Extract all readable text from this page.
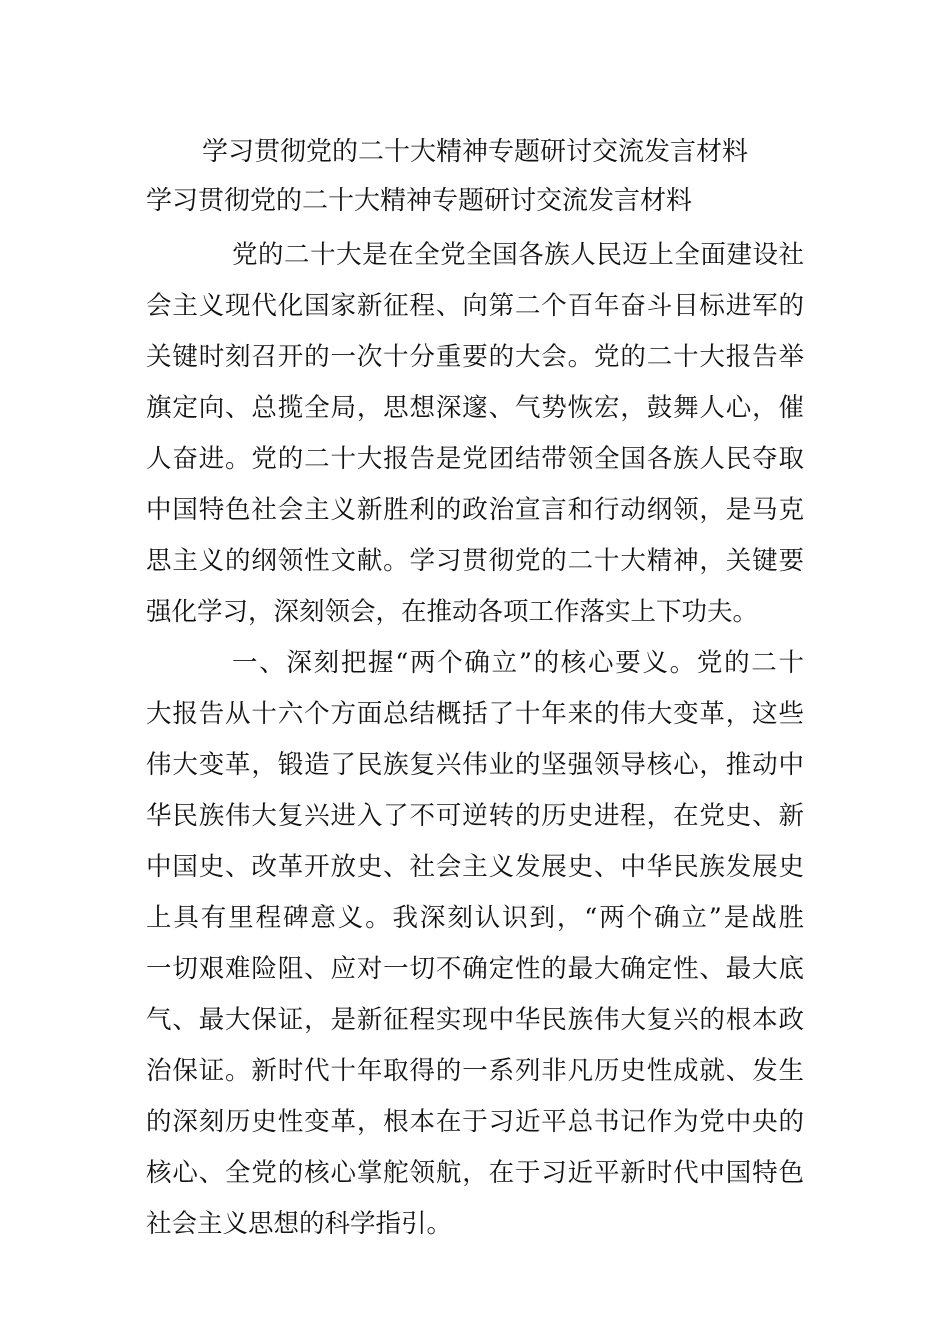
学习贯彻党的二十大精神专题研讨交流发言材料
学习贯彻党的二十大精神专题研讨交流发言材料
党的二十大是在全党全国各族人民迈上全面建设社
会主义现代化国家新征程、向第二个百年奋斗目标进军的
关键时刻召开的一次十分重要的大会。党的二十大报告举
旗定向、总揽全局，思想深邃、气势恢宏，鼓舞人心，催
人奋进。党的二十大报告是党团结带领全国各族人民夺取
中国特色社会主义新胜利的政治宣言和行动纲领，是马克
思主义的纲领性文献。学习贯彻党的二十大精神，关键要
强化学习，深刻领会，在推动各项工作落实上下功夫。
一、深刻把握“两个确立”的核心要义。党的二十
大报告从十六个方面总结概括了十年来的伟大变革，这些
伟大变革，锻造了民族复兴伟业的坚强领导核心，推动中
华民族伟大复兴进入了不可逆转的历史进程，在党史、新
中国史、改革开放史、社会主义发展史、中华民族发展史
上具有里程碑意义。我深刻认识到，“两个确立”是战胜
一切艰难险阻、应对一切不确定性的最大确定性、最大底
气、最大保证，是新征程实现中华民族伟大复兴的根本政
治保证。新时代十年取得的一系列非凡历史性成就、发生
的深刻历史性变革，根本在于习近平总书记作为党中央的
核心、全党的核心掌舵领航，在于习近平新时代中国特色
社会主义思想的科学指引。
